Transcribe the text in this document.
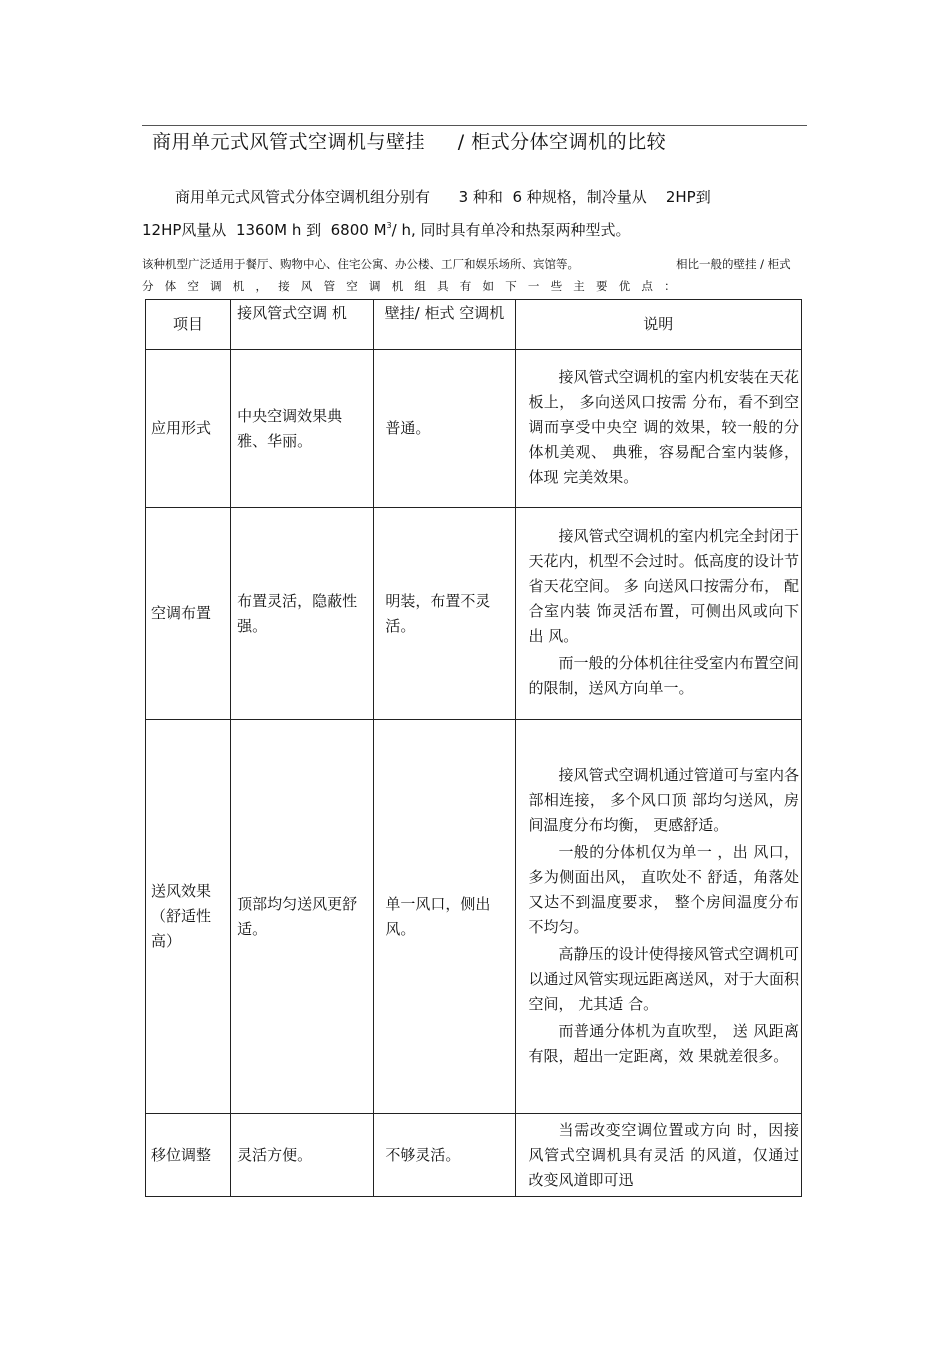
商用单元式风管式空调机与壁挂     / 柜式分体空调机的比较
商用单元式风管式分体空调机组分别有      3 种和  6 种规格，制冷量从    2HP到
12HP风量从  1360M h 到  6800 $M^3/$ h, 同时具有单冷和热泵两种型式。
该种机型广泛适用于餐厅、购物中心、住宅公寓、办公楼、工厂和娱乐场所、宾馆等。	相比一般的壁挂 / 柜式
分体空调机，接风管空调机组具有如下一些主要优点：
项目	接风管式空调 机	壁挂/ 柜式 空调机	说明
应用形式	中央空调效果典雅、华丽。	普通。	接风管式空调机的室内机安装在天花板上， 多向送风口按需 分布，看不到空调而享受中央空 调的效果，较一般的分体机美观、 典雅，容易配合室内装修，体现 完美效果。

空调布置	布置灵活，隐蔽性强。	明装，布置不灵活。	接风管式空调机的室内机完全封闭于天花内，机型不会过时。低高度的设计节省天花空间。 多 向送风口按需分布， 配合室内装 饰灵活布置，可侧出风或向下出 风。

而一般的分体机往往受室内布置空间的限制，送风方向单一。

送风效果（舒适性高）	顶部均匀送风更舒适。	单一风口，侧出风。	接风管式空调机通过管道可与室内各部相连接， 多个风口顶 部均匀送风，房间温度分布均衡， 更感舒适。

一般的分体机仅为单一 ，出 风口，多为侧面出风， 直吹处不 舒适，角落处又达不到温度要求， 整个房间温度分布不均匀。

高静压的设计使得接风管式空调机可以通过风管实现远距离送风，对于大面积空间， 尤其适 合。

而普通分体机为直吹型， 送 风距离有限，超出一定距离，效 果就差很多。

移位调整	灵活方便。	不够灵活。	当需改变空调位置或方向 时，因接风管式空调机具有灵活 的风道，仅通过改变风道即可迅
